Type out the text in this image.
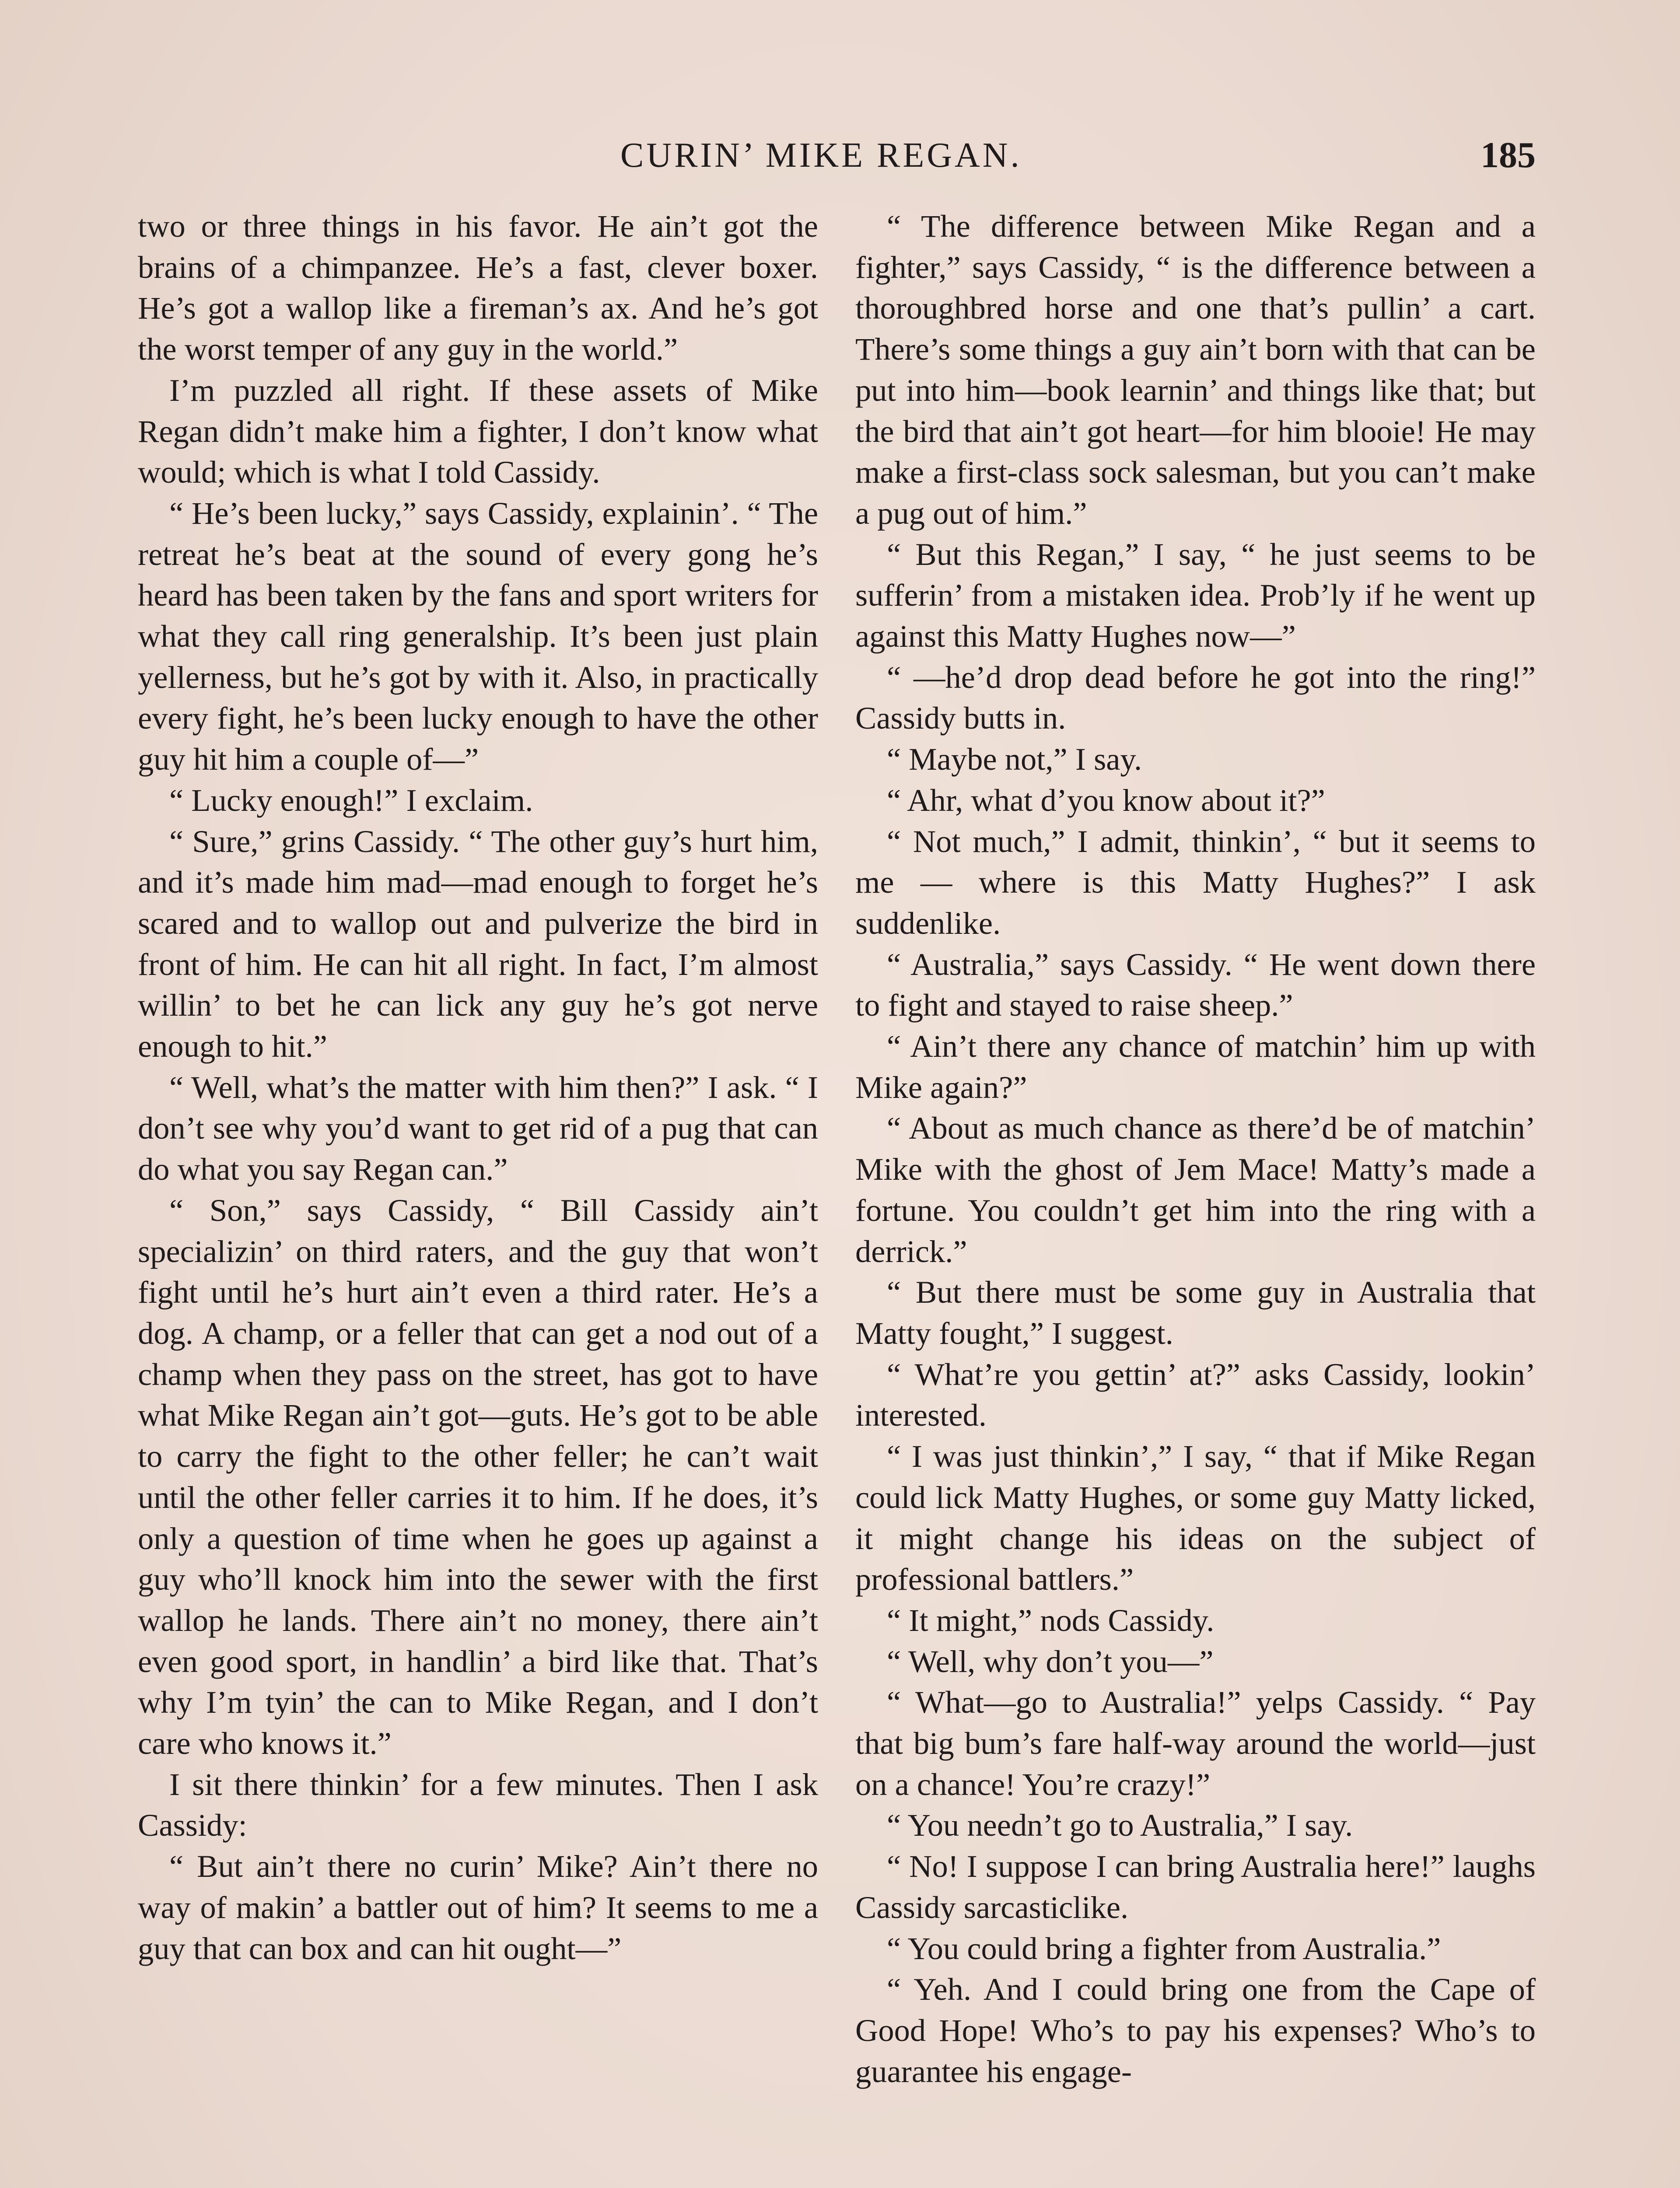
CURIN’ MIKE REGAN.	185

two or three things in his favor. He ain’t got the brains of a chimpanzee. He’s a fast, clever boxer. He’s got a wallop like a fireman’s ax. And he’s got the worst temper of any guy in the world.”

I’m puzzled all right. If these assets of Mike Regan didn’t make him a fighter, I don’t know what would; which is what I told Cassidy.

“ He’s been lucky,” says Cassidy, explainin’. “ The retreat he’s beat at the sound of every gong he’s heard has been taken by the fans and sport writers for what they call ring generalship. It’s been just plain yellerness, but he’s got by with it. Also, in practically every fight, he’s been lucky enough to have the other guy hit him a couple of—”

“ Lucky enough!” I exclaim.

“ Sure,” grins Cassidy. “ The other guy’s hurt him, and it’s made him mad—mad enough to forget he’s scared and to wallop out and pulverize the bird in front of him. He can hit all right. In fact, I’m almost willin’ to bet he can lick any guy he’s got nerve enough to hit.”

“ Well, what’s the matter with him then?” I ask. “ I don’t see why you’d want to get rid of a pug that can do what you say Regan can.”

“ Son,” says Cassidy, “ Bill Cassidy ain’t specializin’ on third raters, and the guy that won’t fight until he’s hurt ain’t even a third rater. He’s a dog. A champ, or a feller that can get a nod out of a champ when they pass on the street, has got to have what Mike Regan ain’t got—guts. He’s got to be able to carry the fight to the other feller; he can’t wait until the other feller carries it to him. If he does, it’s only a question of time when he goes up against a guy who’ll knock him into the sewer with the first wallop he lands. There ain’t no money, there ain’t even good sport, in handlin’ a bird like that. That’s why I’m tyin’ the can to Mike Regan, and I don’t care who knows it.”

I sit there thinkin’ for a few minutes. Then I ask Cassidy:

“ But ain’t there no curin’ Mike? Ain’t there no way of makin’ a battler out of him? It seems to me a guy that can box and can hit ought—”

“ The difference between Mike Regan and a fighter,” says Cassidy, “ is the difference between a thoroughbred horse and one that’s pullin’ a cart. There’s some things a guy ain’t born with that can be put into him—book learnin’ and things like that; but the bird that ain’t got heart—for him blooie! He may make a first-class sock salesman, but you can’t make a pug out of him.”

“ But this Regan,” I say, “ he just seems to be sufferin’ from a mistaken idea. Prob’ly if he went up against this Matty Hughes now—”

“ —he’d drop dead before he got into the ring!” Cassidy butts in.

“ Maybe not,” I say.

“ Ahr, what d’you know about it?”

“ Not much,” I admit, thinkin’, “ but it seems to me — where is this Matty Hughes?” I ask suddenlike.

“ Australia,” says Cassidy. “ He went down there to fight and stayed to raise sheep.”

“ Ain’t there any chance of matchin’ him up with Mike again?”

“ About as much chance as there’d be of matchin’ Mike with the ghost of Jem Mace! Matty’s made a fortune. You couldn’t get him into the ring with a derrick.”

“ But there must be some guy in Australia that Matty fought,” I suggest.

“ What’re you gettin’ at?” asks Cassidy, lookin’ interested.

“ I was just thinkin’,” I say, “ that if Mike Regan could lick Matty Hughes, or some guy Matty licked, it might change his ideas on the subject of professional battlers.”

“ It might,” nods Cassidy.

“ Well, why don’t you—”

“ What—go to Australia!” yelps Cassidy. “ Pay that big bum’s fare half-way around the world—just on a chance! You’re crazy!”

“ You needn’t go to Australia,” I say.

“ No! I suppose I can bring Australia here!” laughs Cassidy sarcasticlike.

“ You could bring a fighter from Australia.”

“ Yeh. And I could bring one from the Cape of Good Hope! Who’s to pay his expenses? Who’s to guarantee his engage-
